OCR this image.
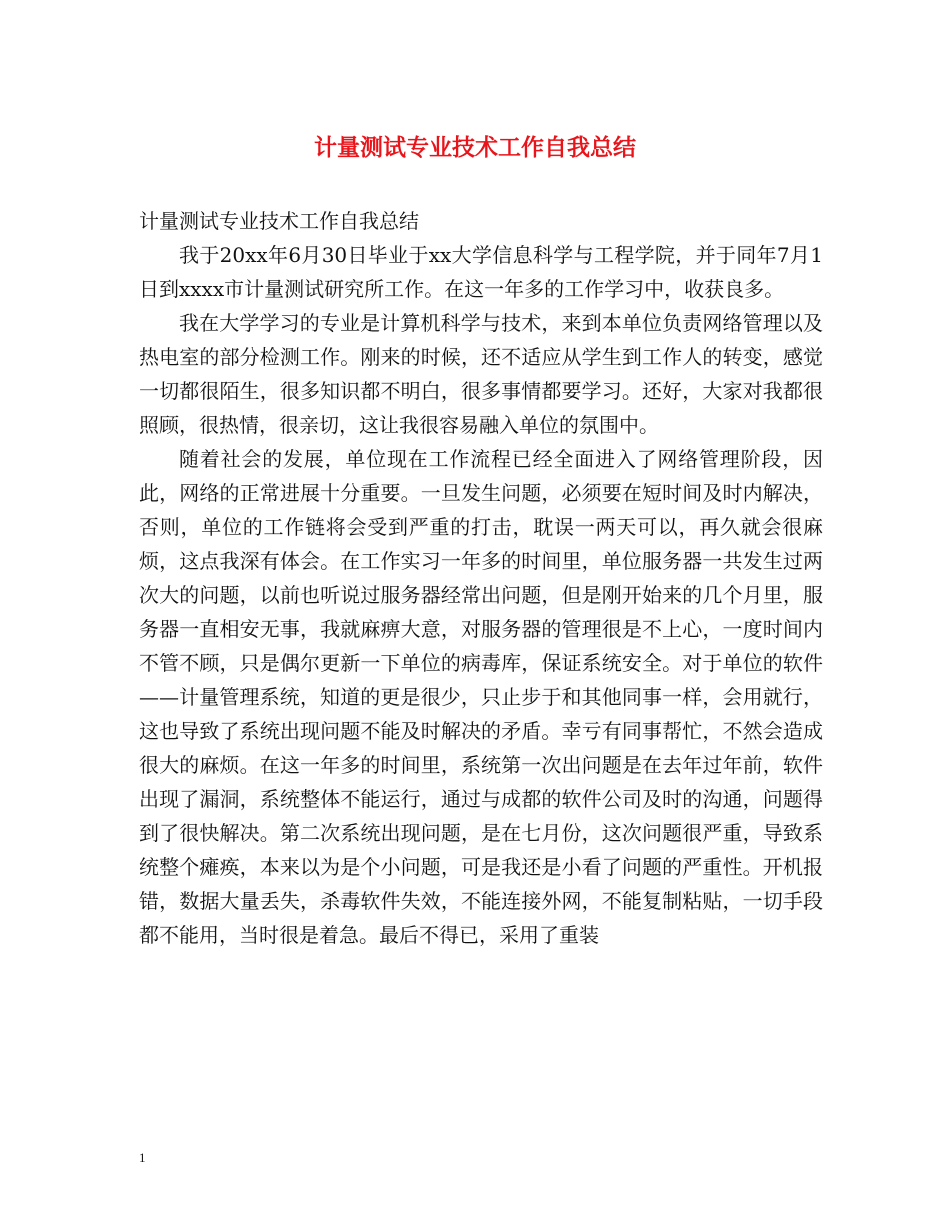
计量测试专业技术工作自我总结

计量测试专业技术工作自我总结

我于20xx年6月30日毕业于xx大学信息科学与工程学院，并于同年7月1日到xxxx市计量测试研究所工作。在这一年多的工作学习中，收获良多。

我在大学学习的专业是计算机科学与技术，来到本单位负责网络管理以及热电室的部分检测工作。刚来的时候，还不适应从学生到工作人的转变，感觉一切都很陌生，很多知识都不明白，很多事情都要学习。还好，大家对我都很照顾，很热情，很亲切，这让我很容易融入单位的氛围中。

随着社会的发展，单位现在工作流程已经全面进入了网络管理阶段，因此，网络的正常进展十分重要。一旦发生问题，必须要在短时间及时内解决，否则，单位的工作链将会受到严重的打击，耽误一两天可以，再久就会很麻烦，这点我深有体会。在工作实习一年多的时间里，单位服务器一共发生过两次大的问题，以前也听说过服务器经常出问题，但是刚开始来的几个月里，服务器一直相安无事，我就麻痹大意，对服务器的管理很是不上心，一度时间内不管不顾，只是偶尔更新一下单位的病毒库，保证系统安全。对于单位的软件——计量管理系统，知道的更是很少，只止步于和其他同事一样，会用就行，这也导致了系统出现问题不能及时解决的矛盾。幸亏有同事帮忙，不然会造成很大的麻烦。在这一年多的时间里，系统第一次出问题是在去年过年前，软件出现了漏洞，系统整体不能运行，通过与成都的软件公司及时的沟通，问题得到了很快解决。第二次系统出现问题，是在七月份，这次问题很严重，导致系统整个瘫痪，本来以为是个小问题，可是我还是小看了问题的严重性。开机报错，数据大量丢失，杀毒软件失效，不能连接外网，不能复制粘贴，一切手段都不能用，当时很是着急。最后不得已，采用了重装

1
